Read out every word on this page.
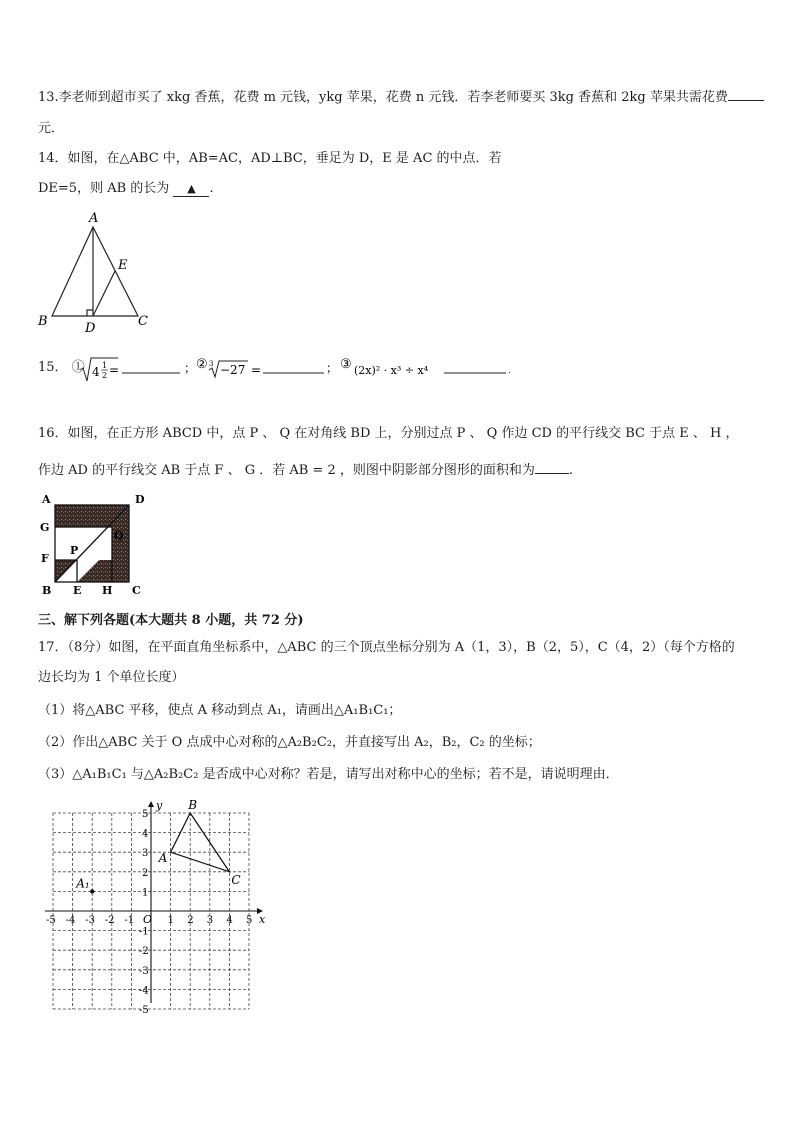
13.李老师到超市买了 xkg 香蕉，花费 m 元钱，ykg 苹果，花费 n 元钱．若李老师要买 3kg 香蕉和 2kg 苹果共需花费
元．
14．如图，在△ABC 中，AB=AC，AD⊥BC，垂足为 D，E 是 AC 的中点．若
DE=5，则 AB 的长为 ▲ .
A
B	C
D
E
15． ① 4 1
2 =	； ② 3 −27 =	； ③ (2x)² · x³ ÷ x⁴	.
16．如图，在正方形 ABCD 中，点 P 、 Q 在对角线 BD 上，分别过点 P 、 Q 作边 CD 的平行线交 BC 于点 E 、 H ，
作边 AD 的平行线交 AB 于点 F 、 G ．若 AB = 2 ，则图中阴影部分图形的面积和为	.
A	D
G
Q
P
F
B E H C
三、解下列各题(本大题共 8 小题，共 72 分)
17．（8分）如图，在平面直角坐标系中，△ABC 的三个顶点坐标分别为 A（1，3），B（2，5），C（4，2）（每个方格的
边长均为 1 个单位长度）
（1）将△ABC 平移，使点 A 移动到点 A₁，请画出△A₁B₁C₁；
（2）作出△ABC 关于 O 点成中心对称的△A₂B₂C₂，并直接写出 A₂，B₂，C₂ 的坐标；
（3）△A₁B₁C₁ 与△A₂B₂C₂ 是否成中心对称？若是，请写出对称中心的坐标；若不是，请说明理由．
y
x
O
-5 -4 -3 -2 -1	1 2 3 4 5
5
4
3
2
1
-1
-2
-3
-4
-5
A
B
C
A₁
